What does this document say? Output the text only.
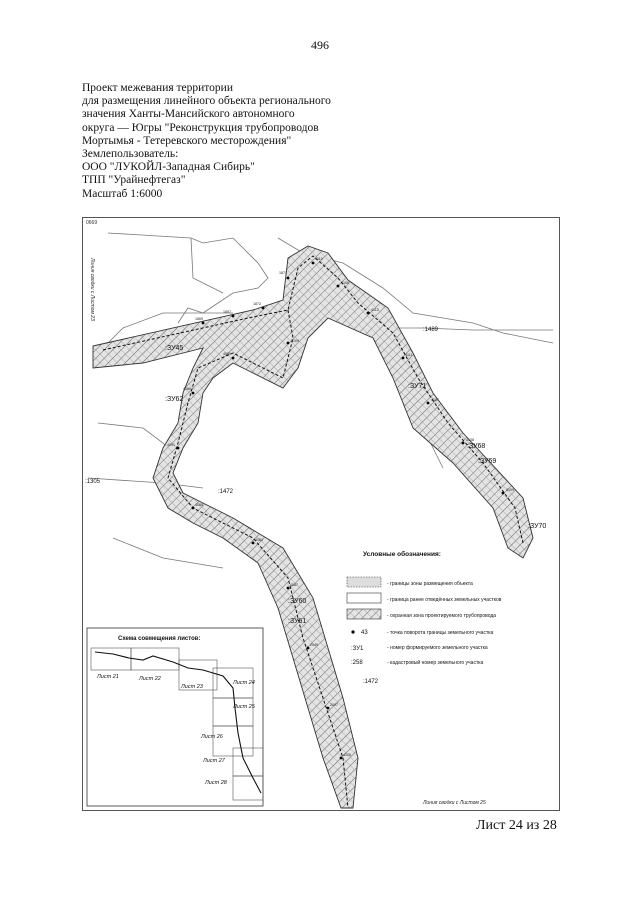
496
Проект межевания территории
для размещения линейного объекта регионального
значения Ханты-Мансийского автономного
округа — Югры "Реконструкция трубопроводов
Мортымья - Тетеревского месторождения"
Землепользователь:
ООО "ЛУКОЙЛ-Западная Сибирь"
ТПП "Урайнефтегаз"
Масштаб 1:6000
0669
1869
1897
1872
1871
4110
4106
4112
4111
4107
4108
4109
2109
4089
4086
4091
4085
4081
4087
2049
2007
4125
:ЗУ45
:ЗУ62
:ЗУ71
:ЗУ68
:ЗУ69
:ЗУ70
:ЗУ60
:ЗУ61
:1489
:1305
:1472
:1472
Линия сводки с Листом 23
Линия сводки с Листом 25
Условные обозначения:
- границы зоны размещения объекта
- граница ранее отведённых земельных участков
- охранная зона проектируемого трубопровода
43	- точка поворота границы земельного участка
:ЗУ1	- номер формируемого земельного участка
:258	- кадастровый номер земельного участка
Схема совмещения листов:
Лист 21	Лист 22
Лист 23
Лист 24
Лист 25
Лист 26
Лист 27
Лист 28
Лист 24 из 28
